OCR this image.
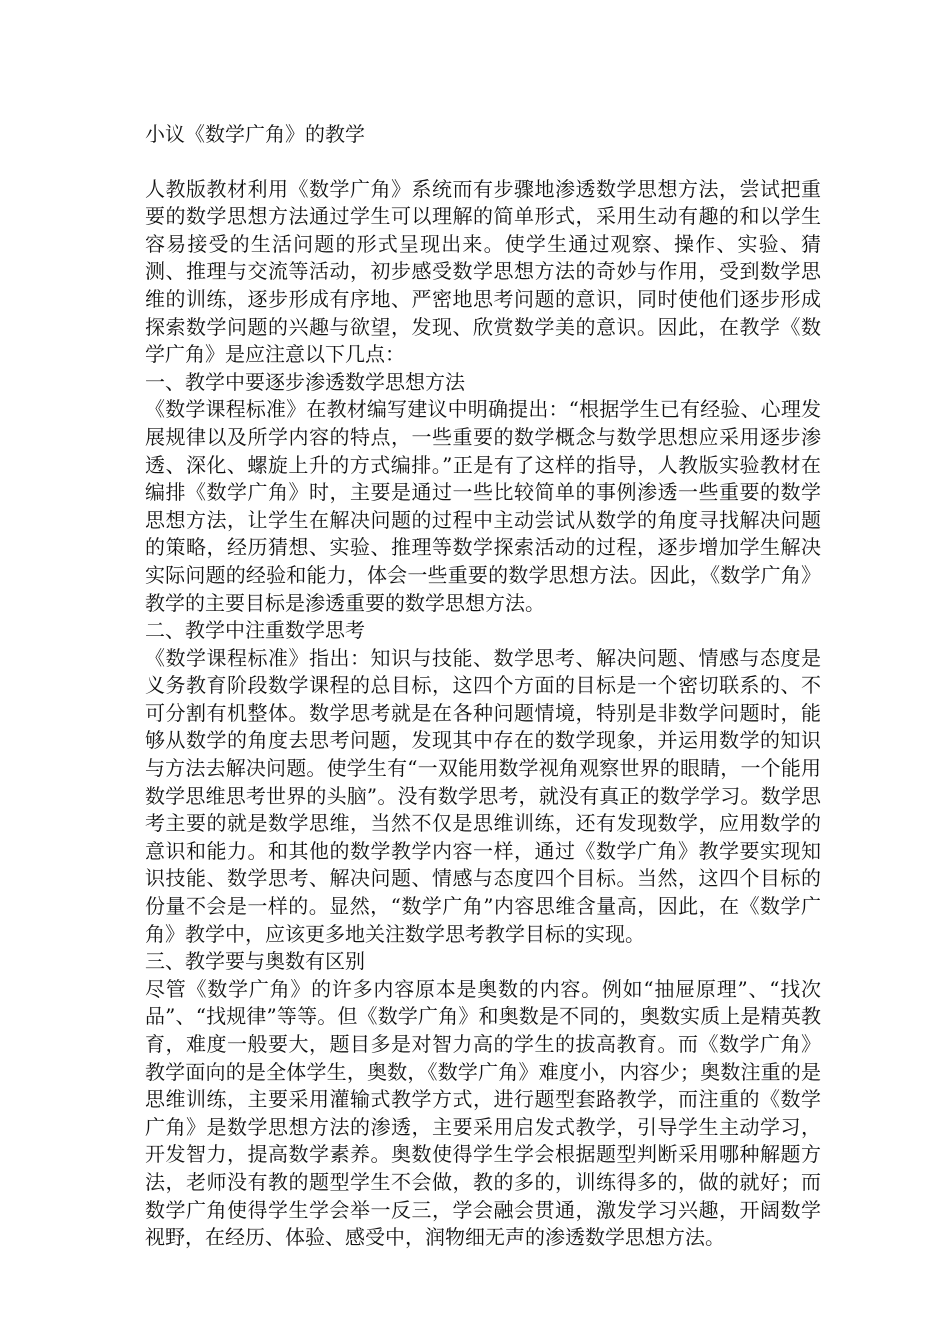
小议《数学广角》的教学

人教版教材利用《数学广角》系统而有步骤地渗透数学思想方法，尝试把重要的数学思想方法通过学生可以理解的简单形式，采用生动有趣的和以学生容易接受的生活问题的形式呈现出来。使学生通过观察、操作、实验、猜测、推理与交流等活动，初步感受数学思想方法的奇妙与作用，受到数学思维的训练，逐步形成有序地、严密地思考问题的意识，同时使他们逐步形成探索数学问题的兴趣与欲望，发现、欣赏数学美的意识。因此，在教学《数学广角》是应注意以下几点：

一、教学中要逐步渗透数学思想方法

《数学课程标准》在教材编写建议中明确提出：“根据学生已有经验、心理发展规律以及所学内容的特点，一些重要的数学概念与数学思想应采用逐步渗透、深化、螺旋上升的方式编排。”正是有了这样的指导，人教版实验教材在编排《数学广角》时，主要是通过一些比较简单的事例渗透一些重要的数学思想方法，让学生在解决问题的过程中主动尝试从数学的角度寻找解决问题的策略，经历猜想、实验、推理等数学探索活动的过程，逐步增加学生解决实际问题的经验和能力，体会一些重要的数学思想方法。因此，《数学广角》教学的主要目标是渗透重要的数学思想方法。

二、教学中注重数学思考

《数学课程标准》指出：知识与技能、数学思考、解决问题、情感与态度是义务教育阶段数学课程的总目标，这四个方面的目标是一个密切联系的、不可分割有机整体。数学思考就是在各种问题情境，特别是非数学问题时，能够从数学的角度去思考问题，发现其中存在的数学现象，并运用数学的知识与方法去解决问题。使学生有“一双能用数学视角观察世界的眼睛，一个能用数学思维思考世界的头脑”。没有数学思考，就没有真正的数学学习。数学思考主要的就是数学思维，当然不仅是思维训练，还有发现数学，应用数学的意识和能力。和其他的数学教学内容一样，通过《数学广角》教学要实现知识技能、数学思考、解决问题、情感与态度四个目标。当然，这四个目标的份量不会是一样的。显然，“数学广角”内容思维含量高，因此，在《数学广角》教学中，应该更多地关注数学思考教学目标的实现。

三、教学要与奥数有区别

尽管《数学广角》的许多内容原本是奥数的内容。例如“抽屉原理”、“找次品”、“找规律”等等。但《数学广角》和奥数是不同的，奥数实质上是精英教育，难度一般要大，题目多是对智力高的学生的拔高教育。而《数学广角》教学面向的是全体学生，奥数，《数学广角》难度小，内容少；奥数注重的是思维训练，主要采用灌输式教学方式，进行题型套路教学，而注重的《数学广角》是数学思想方法的渗透，主要采用启发式教学，引导学生主动学习，开发智力，提高数学素养。奥数使得学生学会根据题型判断采用哪种解题方法，老师没有教的题型学生不会做，教的多的，训练得多的，做的就好；而数学广角使得学生学会举一反三，学会融会贯通，激发学习兴趣，开阔数学视野，在经历、体验、感受中，润物细无声的渗透数学思想方法。
